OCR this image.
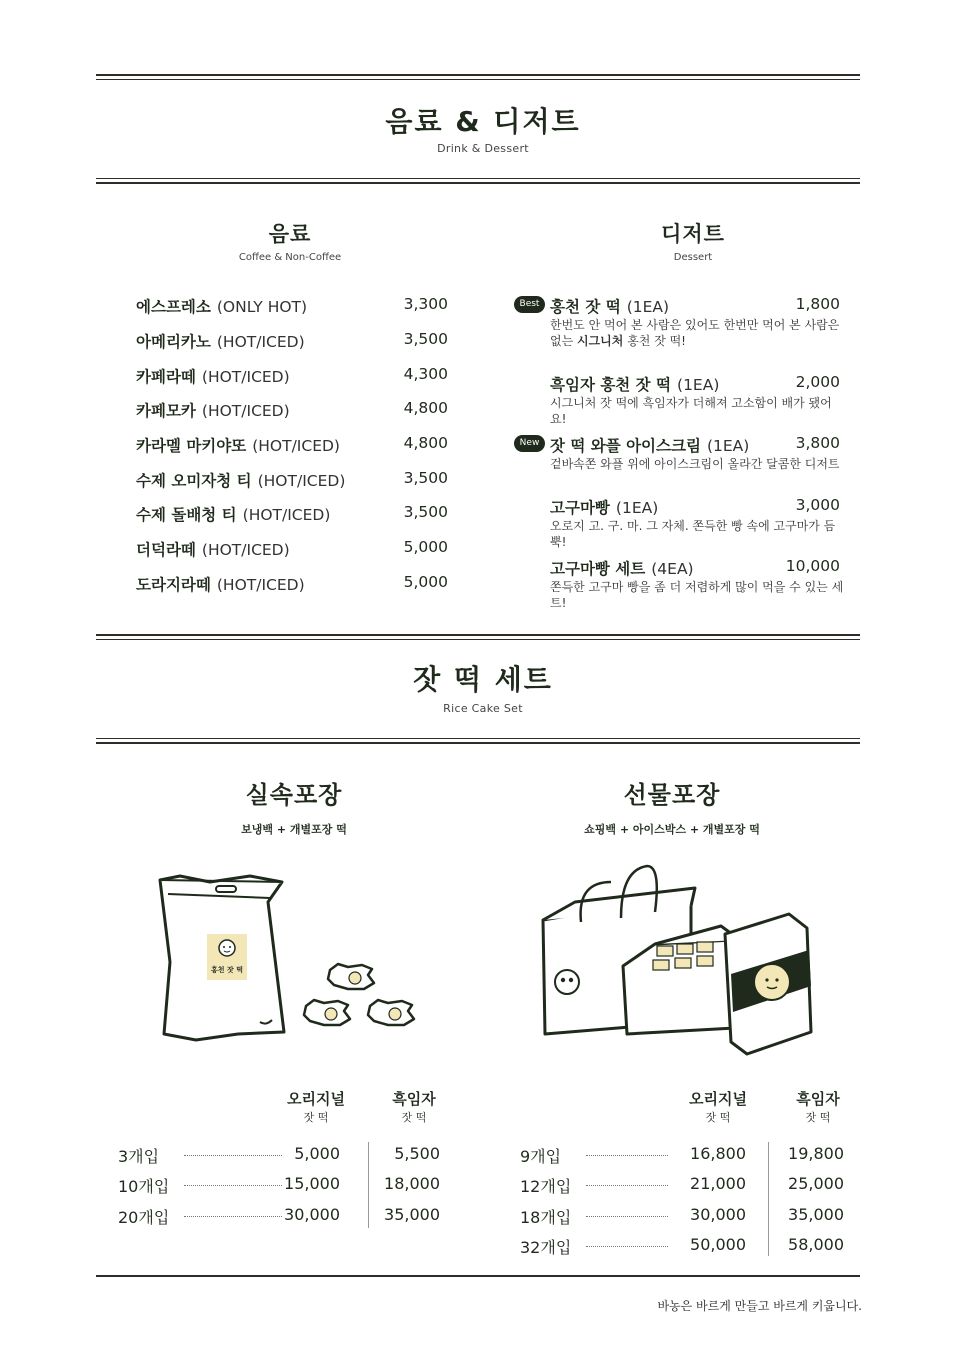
음료 & 디저트
Drink & Dessert
음료
Coffee & Non-Coffee
디저트
Dessert
에스프레소 (ONLY HOT)	3,300
아메리카노 (HOT/ICED)	3,500
카페라떼 (HOT/ICED)	4,300
카페모카 (HOT/ICED)	4,800
카라멜 마키야또 (HOT/ICED)	4,800
수제 오미자청 티 (HOT/ICED)	3,500
수제 돌배청 티 (HOT/ICED)	3,500
더덕라떼 (HOT/ICED)	5,000
도라지라떼 (HOT/ICED)	5,000
Best 홍천 잣 떡 (1EA)	1,800
한번도 안 먹어 본 사람은 있어도 한번만 먹어 본 사람은
없는 시그니처 홍천 잣 떡!
흑임자 홍천 잣 떡 (1EA)	2,000
시그니처 잣 떡에 흑임자가 더해져 고소함이 배가 됐어요!
New 잣 떡 와플 아이스크림 (1EA)	3,800
겉바속쫀 와플 위에 아이스크림이 올라간 달콤한 디저트
고구마빵 (1EA)	3,000
오로지 고. 구. 마. 그 자체. 쫀득한 빵 속에 고구마가 듬뿍!
고구마빵 세트 (4EA)	10,000
쫀득한 고구마 빵을 좀 더 저렴하게 많이 먹을 수 있는 세트!
잣 떡 세트
Rice Cake Set
실속포장
보냉백 + 개별포장 떡
선물포장
쇼핑백 + 아이스박스 + 개별포장 떡
홍천 잣 떡
오리지널
잣 떡
흑임자
잣 떡
3개입	5,000	5,500
10개입	15,000	18,000
20개입	30,000	35,000
오리지널
잣 떡
흑임자
잣 떡
9개입	16,800	19,800
12개입	21,000	25,000
18개입	30,000	35,000
32개입	50,000	58,000
바농은 바르게 만들고 바르게 키웁니다.
